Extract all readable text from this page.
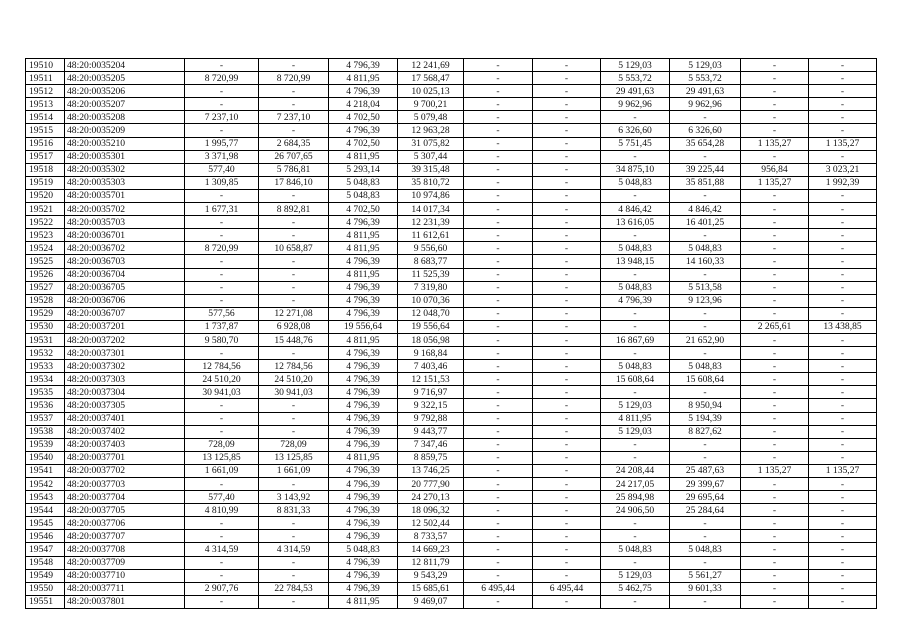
19510	48:20:0035204	-	-	4 796,39	12 241,69	-	-	5 129,03	5 129,03	-	-
19511	48:20:0035205	8 720,99	8 720,99	4 811,95	17 568,47	-	-	5 553,72	5 553,72	-	-
19512	48:20:0035206	-	-	4 796,39	10 025,13	-	-	29 491,63	29 491,63	-	-
19513	48:20:0035207	-	-	4 218,04	9 700,21	-	-	9 962,96	9 962,96	-	-
19514	48:20:0035208	7 237,10	7 237,10	4 702,50	5 079,48	-	-	-	-	-	-
19515	48:20:0035209	-	-	4 796,39	12 963,28	-	-	6 326,60	6 326,60	-	-
19516	48:20:0035210	1 995,77	2 684,35	4 702,50	31 075,82	-	-	5 751,45	35 654,28	1 135,27	1 135,27
19517	48:20:0035301	3 371,98	26 707,65	4 811,95	5 307,44	-	-	-	-	-	-
19518	48:20:0035302	577,40	5 786,81	5 293,14	39 315,48	-	-	34 875,10	39 225,44	956,84	3 023,21
19519	48:20:0035303	1 309,85	17 846,10	5 048,83	35 810,72	-	-	5 048,83	35 851,88	1 135,27	1 992,39
19520	48:20:0035701	-	-	5 048,83	10 974,86	-	-	-	-	-	-
19521	48:20:0035702	1 677,31	8 892,81	4 702,50	14 017,34	-	-	4 846,42	4 846,42	-	-
19522	48:20:0035703	-	-	4 796,39	12 231,39	-	-	13 616,05	16 401,25	-	-
19523	48:20:0036701	-	-	4 811,95	11 612,61	-	-	-	-	-	-
19524	48:20:0036702	8 720,99	10 658,87	4 811,95	9 556,60	-	-	5 048,83	5 048,83	-	-
19525	48:20:0036703	-	-	4 796,39	8 683,77	-	-	13 948,15	14 160,33	-	-
19526	48:20:0036704	-	-	4 811,95	11 525,39	-	-	-	-	-	-
19527	48:20:0036705	-	-	4 796,39	7 319,80	-	-	5 048,83	5 513,58	-	-
19528	48:20:0036706	-	-	4 796,39	10 070,36	-	-	4 796,39	9 123,96	-	-
19529	48:20:0036707	577,56	12 271,08	4 796,39	12 048,70	-	-	-	-	-	-
19530	48:20:0037201	1 737,87	6 928,08	19 556,64	19 556,64	-	-	-	-	2 265,61	13 438,85
19531	48:20:0037202	9 580,70	15 448,76	4 811,95	18 056,98	-	-	16 867,69	21 652,90	-	-
19532	48:20:0037301	-	-	4 796,39	9 168,84	-	-	-	-	-	-
19533	48:20:0037302	12 784,56	12 784,56	4 796,39	7 403,46	-	-	5 048,83	5 048,83	-	-
19534	48:20:0037303	24 510,20	24 510,20	4 796,39	12 151,53	-	-	15 608,64	15 608,64	-	-
19535	48:20:0037304	30 941,03	30 941,03	4 796,39	9 716,97	-	-	-	-	-	-
19536	48:20:0037305	-	-	4 796,39	9 322,15	-	-	5 129,03	8 950,94	-	-
19537	48:20:0037401	-	-	4 796,39	9 792,88	-	-	4 811,95	5 194,39	-	-
19538	48:20:0037402	-	-	4 796,39	9 443,77	-	-	5 129,03	8 827,62	-	-
19539	48:20:0037403	728,09	728,09	4 796,39	7 347,46	-	-	-	-	-	-
19540	48:20:0037701	13 125,85	13 125,85	4 811,95	8 859,75	-	-	-	-	-	-
19541	48:20:0037702	1 661,09	1 661,09	4 796,39	13 746,25	-	-	24 208,44	25 487,63	1 135,27	1 135,27
19542	48:20:0037703	-	-	4 796,39	20 777,90	-	-	24 217,05	29 399,67	-	-
19543	48:20:0037704	577,40	3 143,92	4 796,39	24 270,13	-	-	25 894,98	29 695,64	-	-
19544	48:20:0037705	4 810,99	8 831,33	4 796,39	18 096,32	-	-	24 906,50	25 284,64	-	-
19545	48:20:0037706	-	-	4 796,39	12 502,44	-	-	-	-	-	-
19546	48:20:0037707	-	-	4 796,39	8 733,57	-	-	-	-	-	-
19547	48:20:0037708	4 314,59	4 314,59	5 048,83	14 669,23	-	-	5 048,83	5 048,83	-	-
19548	48:20:0037709	-	-	4 796,39	12 811,79	-	-	-	-	-	-
19549	48:20:0037710	-	-	4 796,39	9 543,29	-	-	5 129,03	5 561,27	-	-
19550	48:20:0037711	2 907,76	22 784,53	4 796,39	15 685,61	6 495,44	6 495,44	5 462,75	9 601,33	-	-
19551	48:20:0037801	-	-	4 811,95	9 469,07	-	-	-	-	-	-
